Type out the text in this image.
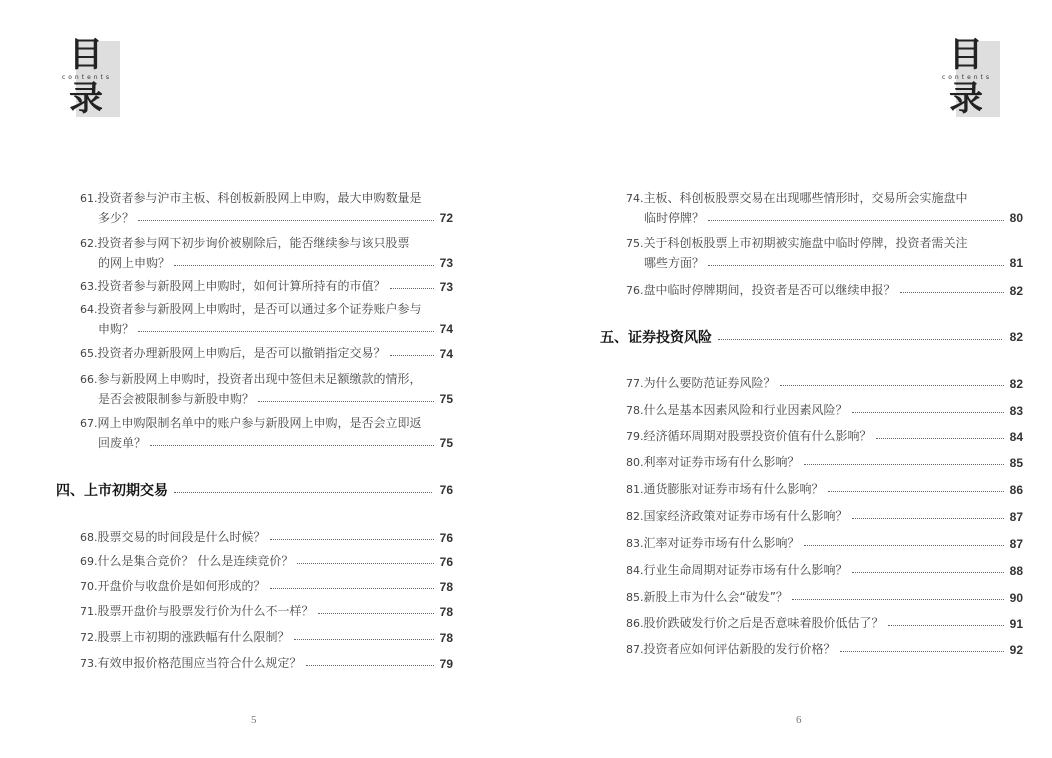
目
录
contents
61.投资者参与沪市主板、科创板新股网上申购，最大申购数量是
多少？	72
62.投资者参与网下初步询价被剔除后，能否继续参与该只股票
的网上申购？	73
63.投资者参与新股网上申购时，如何计算所持有的市值？	73
64.投资者参与新股网上申购时，是否可以通过多个证券账户参与
申购？	74
65.投资者办理新股网上申购后，是否可以撤销指定交易？	74
66.参与新股网上申购时，投资者出现中签但未足额缴款的情形，
是否会被限制参与新股申购？	75
67.网上申购限制名单中的账户参与新股网上申购，是否会立即返
回废单？	75
四、上市初期交易	76
68.股票交易的时间段是什么时候？	76
69.什么是集合竞价？ 什么是连续竞价？	76
70.开盘价与收盘价是如何形成的？	78
71.股票开盘价与股票发行价为什么不一样？	78
72.股票上市初期的涨跌幅有什么限制？	78
73.有效申报价格范围应当符合什么规定？	79
5
目
录
contents
74.主板、科创板股票交易在出现哪些情形时，交易所会实施盘中
临时停牌？	80
75.关于科创板股票上市初期被实施盘中临时停牌，投资者需关注
哪些方面？	81
76.盘中临时停牌期间，投资者是否可以继续申报？	82
五、证券投资风险	82
77.为什么要防范证券风险？	82
78.什么是基本因素风险和行业因素风险？	83
79.经济循环周期对股票投资价值有什么影响？	84
80.利率对证券市场有什么影响？	85
81.通货膨胀对证券市场有什么影响？	86
82.国家经济政策对证券市场有什么影响？	87
83.汇率对证券市场有什么影响？	87
84.行业生命周期对证券市场有什么影响？	88
85.新股上市为什么会“破发”？	90
86.股价跌破发行价之后是否意味着股价低估了？	91
87.投资者应如何评估新股的发行价格？	92
6
